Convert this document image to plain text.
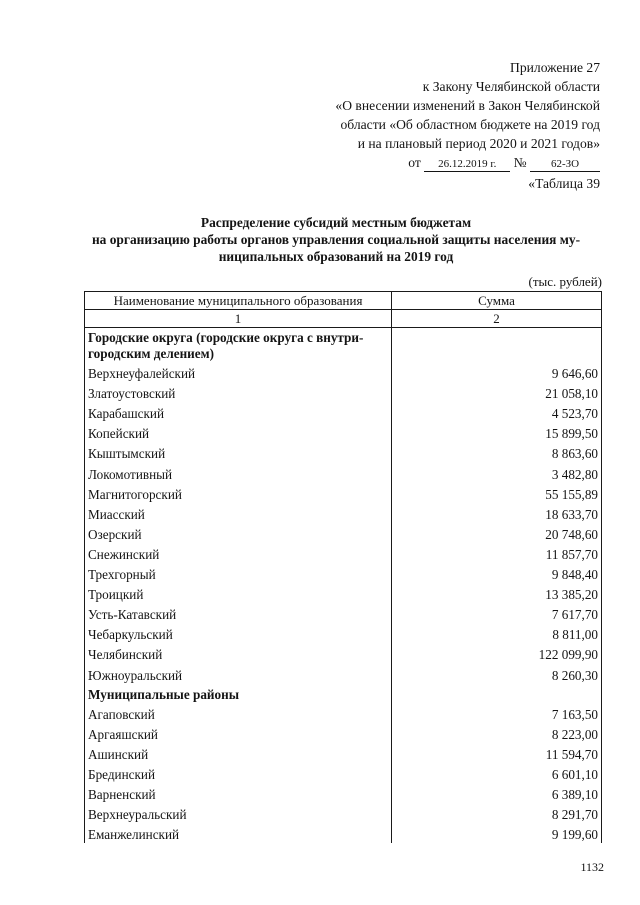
Приложение 27
к Закону Челябинской области
«О внесении изменений в Закон Челябинской
области «Об областном бюджете на 2019 год
и на плановый период 2020 и 2021 годов»
от 26.12.2019 г. № 62-ЗО
«Таблица 39
Распределение субсидий местным бюджетам
на организацию работы органов управления социальной защиты населения му-
ниципальных образований на 2019 год
(тыс. рублей)
Наименование муниципального образования	Сумма
1	2
Городские округа (городские округа с внутри-городским делением)	
Верхнеуфалейский	9 646,60
Златоустовский	21 058,10
Карабашский	4 523,70
Копейский	15 899,50
Кыштымский	8 863,60
Локомотивный	3 482,80
Магнитогорский	55 155,89
Миасский	18 633,70
Озерский	20 748,60
Снежинский	11 857,70
Трехгорный	9 848,40
Троицкий	13 385,20
Усть-Катавский	7 617,70
Чебаркульский	8 811,00
Челябинский	122 099,90
Южноуральский	8 260,30
Муниципальные районы	
Агаповский	7 163,50
Аргаяшский	8 223,00
Ашинский	11 594,70
Брединский	6 601,10
Варненский	6 389,10
Верхнеуральский	8 291,70
Еманжелинский	9 199,60
1132
